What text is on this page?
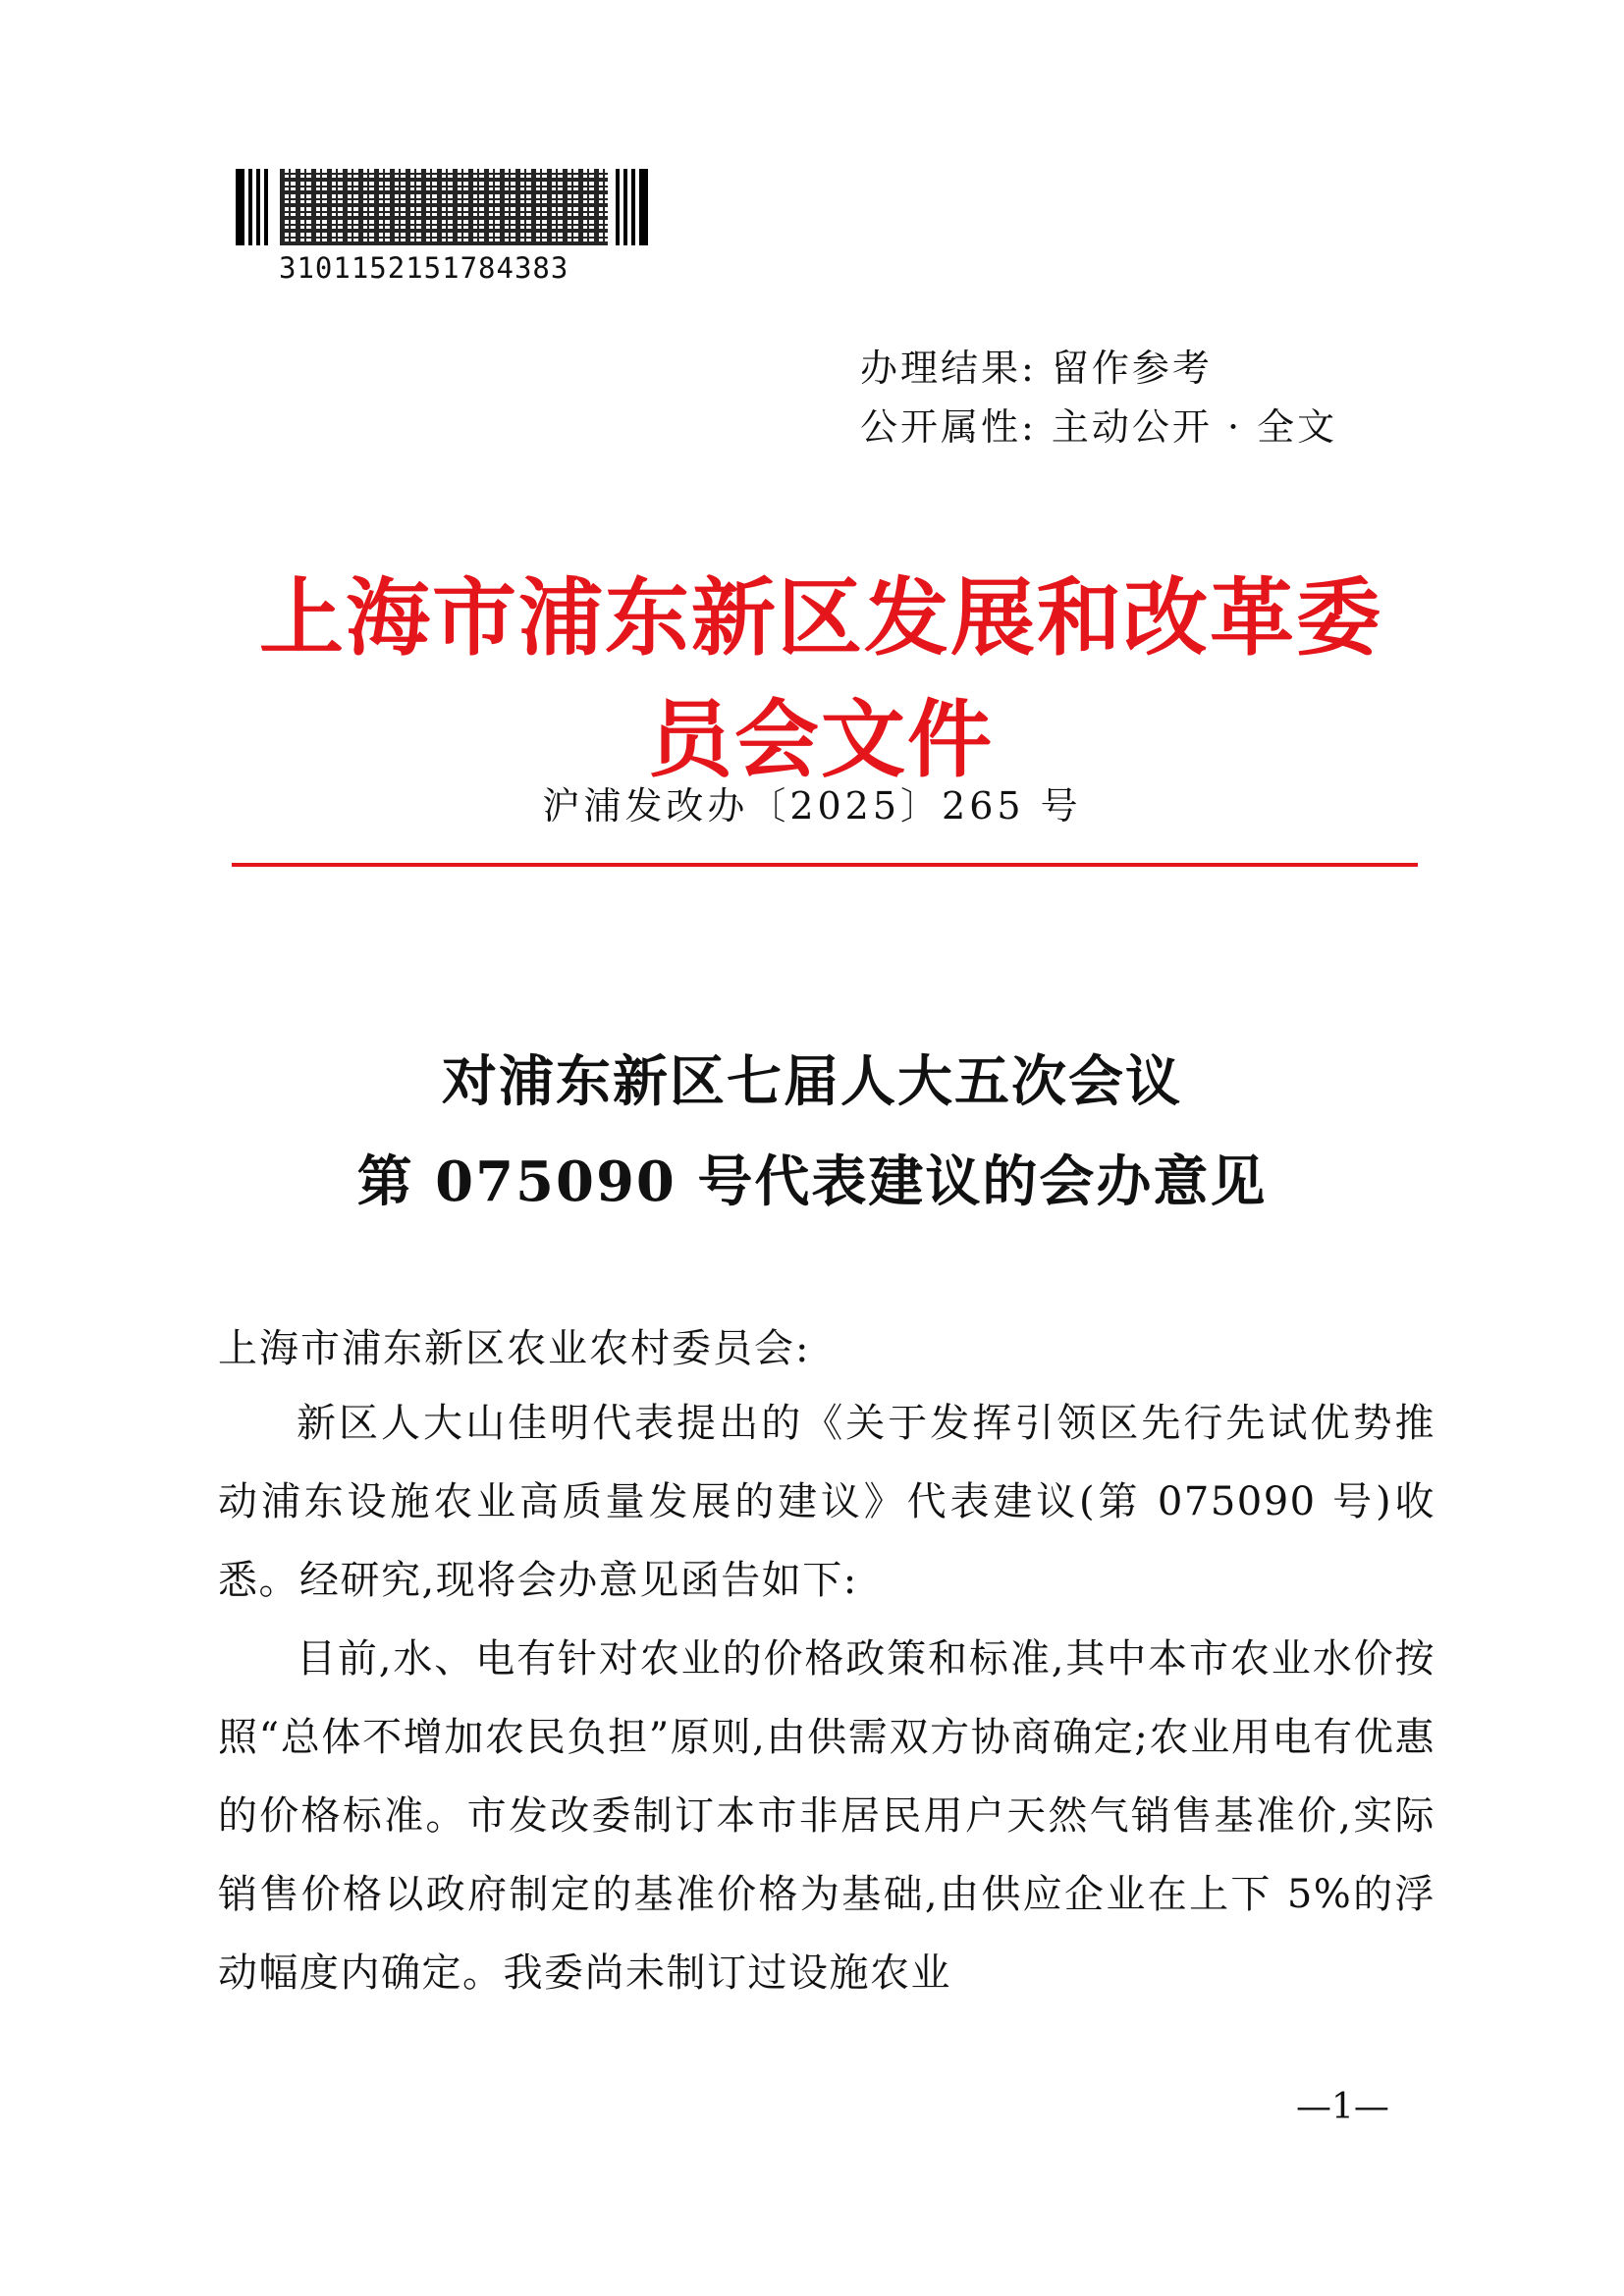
3101152151784383
办理结果: 留作参考
公开属性: 主动公开 · 全文
上海市浦东新区发展和改革委员会文件
沪浦发改办〔2025〕265 号
对浦东新区七届人大五次会议
第 075090 号代表建议的会办意见
上海市浦东新区农业农村委员会:

新区人大山佳明代表提出的《关于发挥引领区先行先试优势推动浦东设施农业高质量发展的建议》代表建议(第 075090 号)收悉。经研究,现将会办意见函告如下:

目前,水、电有针对农业的价格政策和标准,其中本市农业水价按照“总体不增加农民负担”原则,由供需双方协商确定;农业用电有优惠的价格标准。市发改委制订本市非居民用户天然气销售基准价,实际销售价格以政府制定的基准价格为基础,由供应企业在上下 5%的浮动幅度内确定。我委尚未制订过设施农业

—1—
